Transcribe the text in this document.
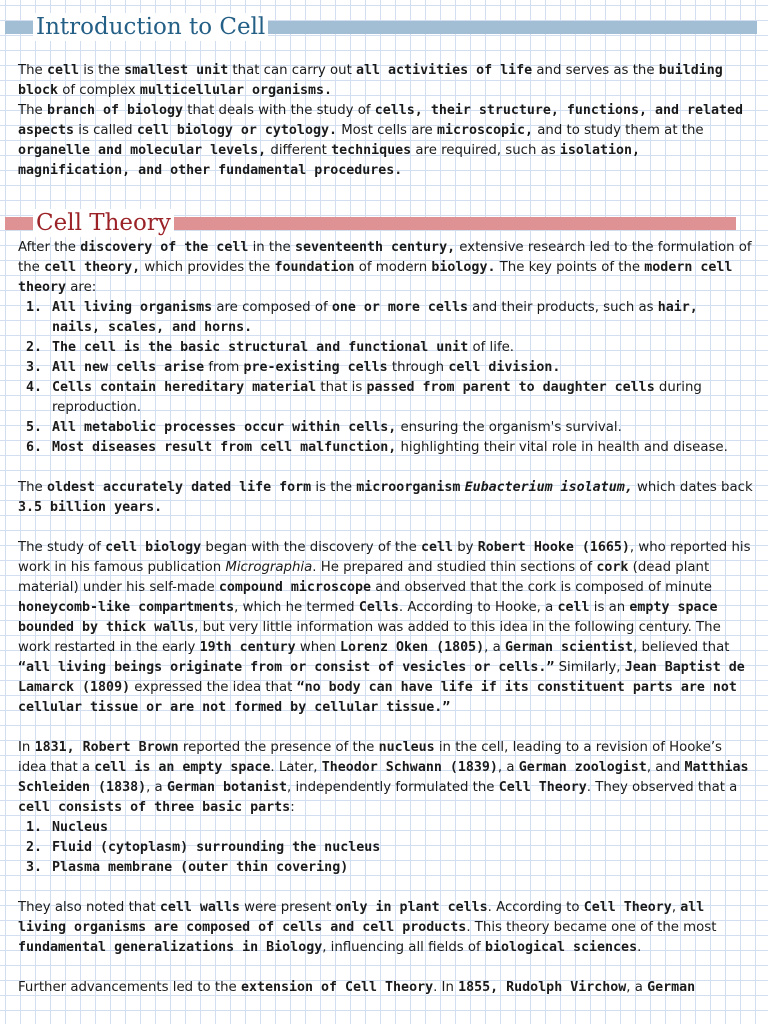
Introduction to Cell

The cell is the smallest unit that can carry out all activities of life and serves as the building block of complex multicellular organisms.

The branch of biology that deals with the study of cells, their structure, functions, and related aspects is called cell biology or cytology. Most cells are microscopic, and to study them at the organelle and molecular levels, different techniques are required, such as isolation, magnification, and other fundamental procedures.

Cell Theory

After the discovery of the cell in the seventeenth century, extensive research led to the formulation of the cell theory, which provides the foundation of modern biology. The key points of the modern cell theory are:

1. All living organisms are composed of one or more cells and their products, such as hair, nails, scales, and horns.
2. The cell is the basic structural and functional unit of life.
3. All new cells arise from pre-existing cells through cell division.
4. Cells contain hereditary material that is passed from parent to daughter cells during reproduction.
5. All metabolic processes occur within cells, ensuring the organism's survival.
6. Most diseases result from cell malfunction, highlighting their vital role in health and disease.

The oldest accurately dated life form is the microorganism Eubacterium isolatum, which dates back 3.5 billion years.

The study of cell biology began with the discovery of the cell by Robert Hooke (1665), who reported his work in his famous publication Micrographia. He prepared and studied thin sections of cork (dead plant material) under his self-made compound microscope and observed that the cork is composed of minute honeycomb-like compartments, which he termed Cells. According to Hooke, a cell is an empty space bounded by thick walls, but very little information was added to this idea in the following century. The work restarted in the early 19th century when Lorenz Oken (1805), a German scientist, believed that “all living beings originate from or consist of vesicles or cells.” Similarly, Jean Baptist de Lamarck (1809) expressed the idea that “no body can have life if its constituent parts are not cellular tissue or are not formed by cellular tissue.”

In 1831, Robert Brown reported the presence of the nucleus in the cell, leading to a revision of Hooke’s idea that a cell is an empty space. Later, Theodor Schwann (1839), a German zoologist, and Matthias Schleiden (1838), a German botanist, independently formulated the Cell Theory. They observed that a cell consists of three basic parts:

1. Nucleus
2. Fluid (cytoplasm) surrounding the nucleus
3. Plasma membrane (outer thin covering)

They also noted that cell walls were present only in plant cells. According to Cell Theory, all living organisms are composed of cells and cell products. This theory became one of the most fundamental generalizations in Biology, influencing all fields of biological sciences.

Further advancements led to the extension of Cell Theory. In 1855, Rudolph Virchow, a German
